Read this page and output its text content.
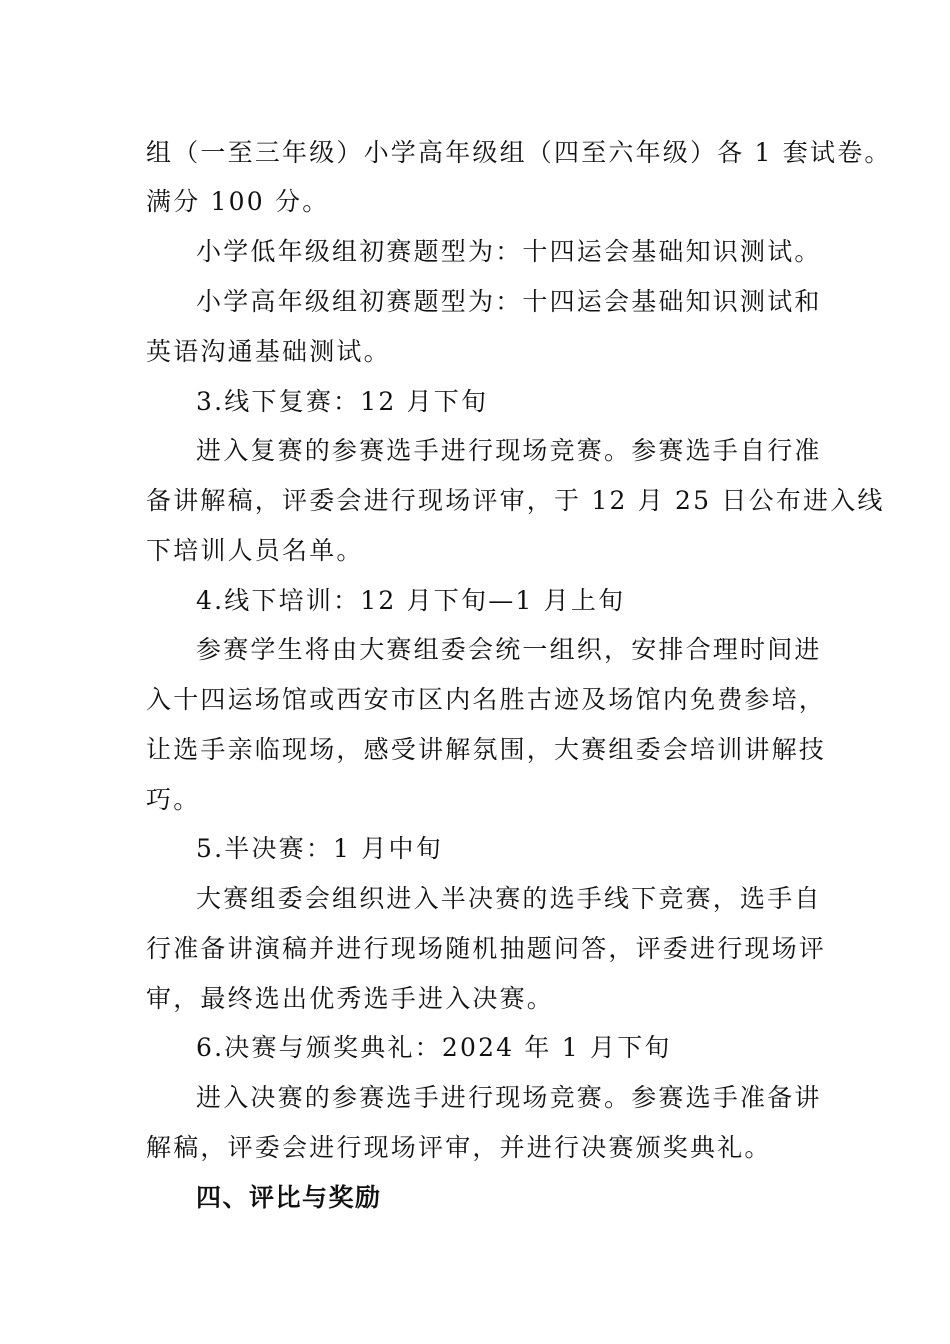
组（一至三年级）小学高年级组（四至六年级）各 1 套试卷。
满分 100 分。
小学低年级组初赛题型为：十四运会基础知识测试。
小学高年级组初赛题型为：十四运会基础知识测试和
英语沟通基础测试。
3.线下复赛：12 月下旬
进入复赛的参赛选手进行现场竞赛。参赛选手自行准
备讲解稿，评委会进行现场评审，于 12 月 25 日公布进入线
下培训人员名单。
4.线下培训：12 月下旬—1 月上旬
参赛学生将由大赛组委会统一组织，安排合理时间进
入十四运场馆或西安市区内名胜古迹及场馆内免费参培，
让选手亲临现场，感受讲解氛围，大赛组委会培训讲解技
巧。
5.半决赛：1 月中旬
大赛组委会组织进入半决赛的选手线下竞赛，选手自
行准备讲演稿并进行现场随机抽题问答，评委进行现场评
审，最终选出优秀选手进入决赛。
6.决赛与颁奖典礼：2024 年 1 月下旬
进入决赛的参赛选手进行现场竞赛。参赛选手准备讲
解稿，评委会进行现场评审，并进行决赛颁奖典礼。
四、评比与奖励
